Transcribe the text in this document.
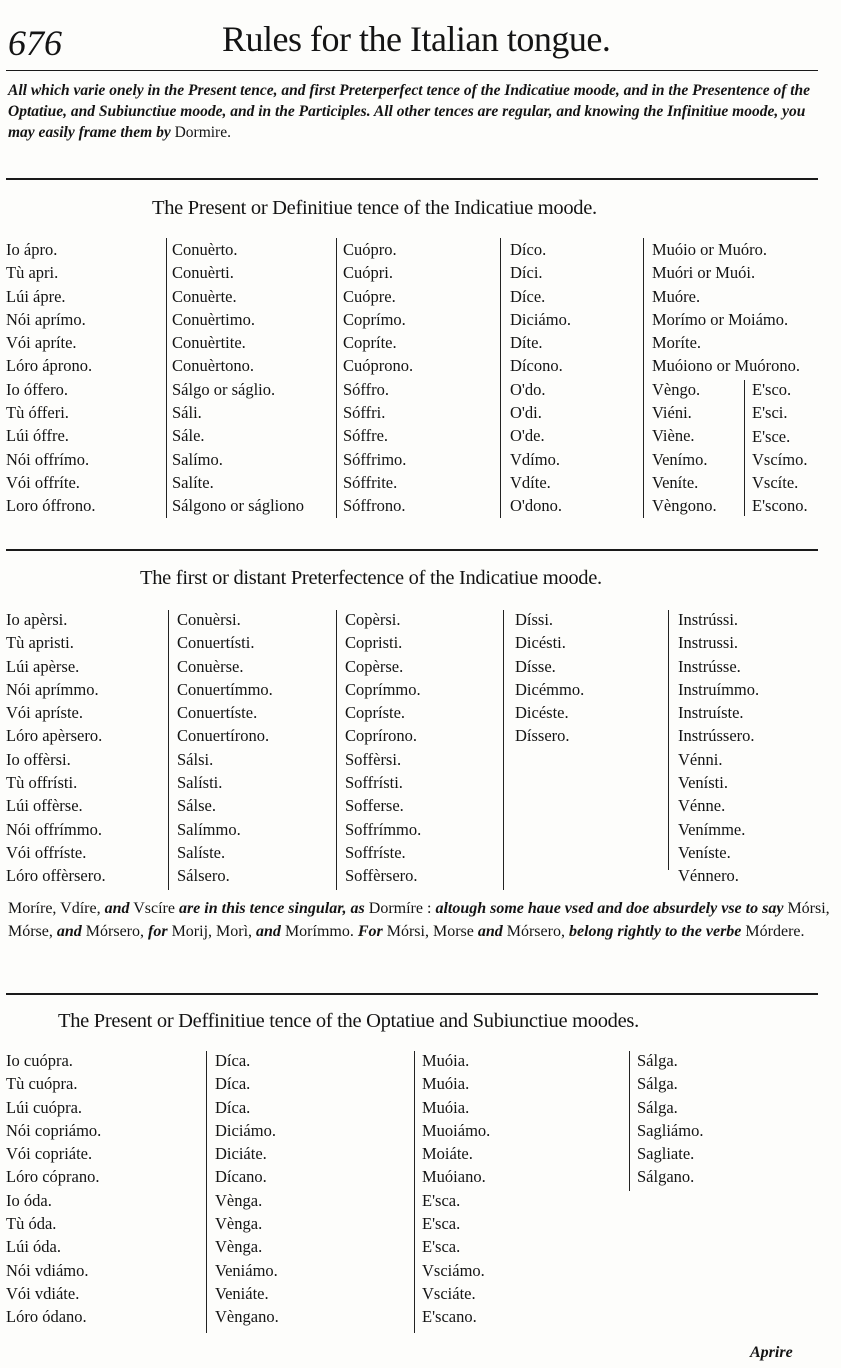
676	Rules for the Italian tongue.
All which varie onely in the Present tence, and first Preterperfect tence of the Indicatiue moode, and in the Presentence of the Optatiue, and Subiunctiue moode, and in the Participles. All other tences are regular, and knowing the Infinitiue moode, you may easily frame them by Dormire.
The Present or Definitiue tence of the Indicatiue moode.
Io ápro.
Tù apri.
Lúi ápre.
Nói aprímo.
Vói apríte.
Lóro áprono.
Io óffero.
Tù ófferi.
Lúi óffre.
Nói offrímo.
Vói offríte.
Loro óffrono.
Conuèrto.
Conuèrti.
Conuèrte.
Conuèrtimo.
Conuèrtite.
Conuèrtono.
Sálgo or ságlio.
Sáli.
Sále.
Salímo.
Salíte.
Sálgono or ságliono
Cuópro.
Cuópri.
Cuópre.
Coprímo.
Copríte.
Cuóprono.
Sóffro.
Sóffri.
Sóffre.
Sóffrimo.
Sóffrite.
Sóffrono.
Díco.
Díci.
Díce.
Diciámo.
Díte.
Dícono.
O'do.
O'di.
O'de.
Vdímo.
Vdíte.
O'dono.
Muóio or Muóro.
Muóri or Muói.
Muóre.
Morímo or Moiámo.
Moríte.
Muóiono or Muórono.
Vèngo.
Viéni.
Viène.
Venímo.
Veníte.
Vèngono.
E'sco.
E'sci.
E'sce.
Vscímo.
Vscíte.
E'scono.
The first or distant Preterfectence of the Indicatiue moode.
Io apèrsi.
Tù apristi.
Lúi apèrse.
Nói aprímmo.
Vói apríste.
Lóro apèrsero.
Io offèrsi.
Tù offrísti.
Lúi offèrse.
Nói offrímmo.
Vói offríste.
Lóro offèrsero.
Conuèrsi.
Conuertísti.
Conuèrse.
Conuertímmo.
Conuertíste.
Conuertírono.
Sálsi.
Salísti.
Sálse.
Salímmo.
Salíste.
Sálsero.
Copèrsi.
Copristi.
Copèrse.
Coprímmo.
Copríste.
Coprírono.
Soffèrsi.
Soffrísti.
Sofferse.
Soffrímmo.
Soffríste.
Soffèrsero.
Díssi.
Dicésti.
Dísse.
Dicémmo.
Dicéste.
Díssero.
Instrússi.
Instrussi.
Instrússe.
Instruímmo.
Instruíste.
Instrússero.
Vénni.
Venísti.
Vénne.
Venímme.
Veníste.
Vénnero.
Moríre, Vdíre, and Vscíre are in this tence singular, as Dormíre : altough some haue vsed and doe absurdely vse to say Mórsi, Mórse, and Mórsero, for Morij, Morì, and Morímmo. For Mórsi, Morse and Mórsero, belong rightly to the verbe Mórdere.
The Present or Deffinitiue tence of the Optatiue and Subiunctiue moodes.
Io cuópra.
Tù cuópra.
Lúi cuópra.
Nói copriámo.
Vói copriáte.
Lóro cóprano.
Io óda.
Tù óda.
Lúi óda.
Nói vdiámo.
Vói vdiáte.
Lóro ódano.
Díca.
Díca.
Díca.
Diciámo.
Diciáte.
Dícano.
Vènga.
Vènga.
Vènga.
Veniámo.
Veniáte.
Vèngano.
Muóia.
Muóia.
Muóia.
Muoiámo.
Moiáte.
Muóiano.
E'sca.
E'sca.
E'sca.
Vsciámo.
Vsciáte.
E'scano.
Sálga.
Sálga.
Sálga.
Sagliámo.
Sagliate.
Sálgano.
Aprire
